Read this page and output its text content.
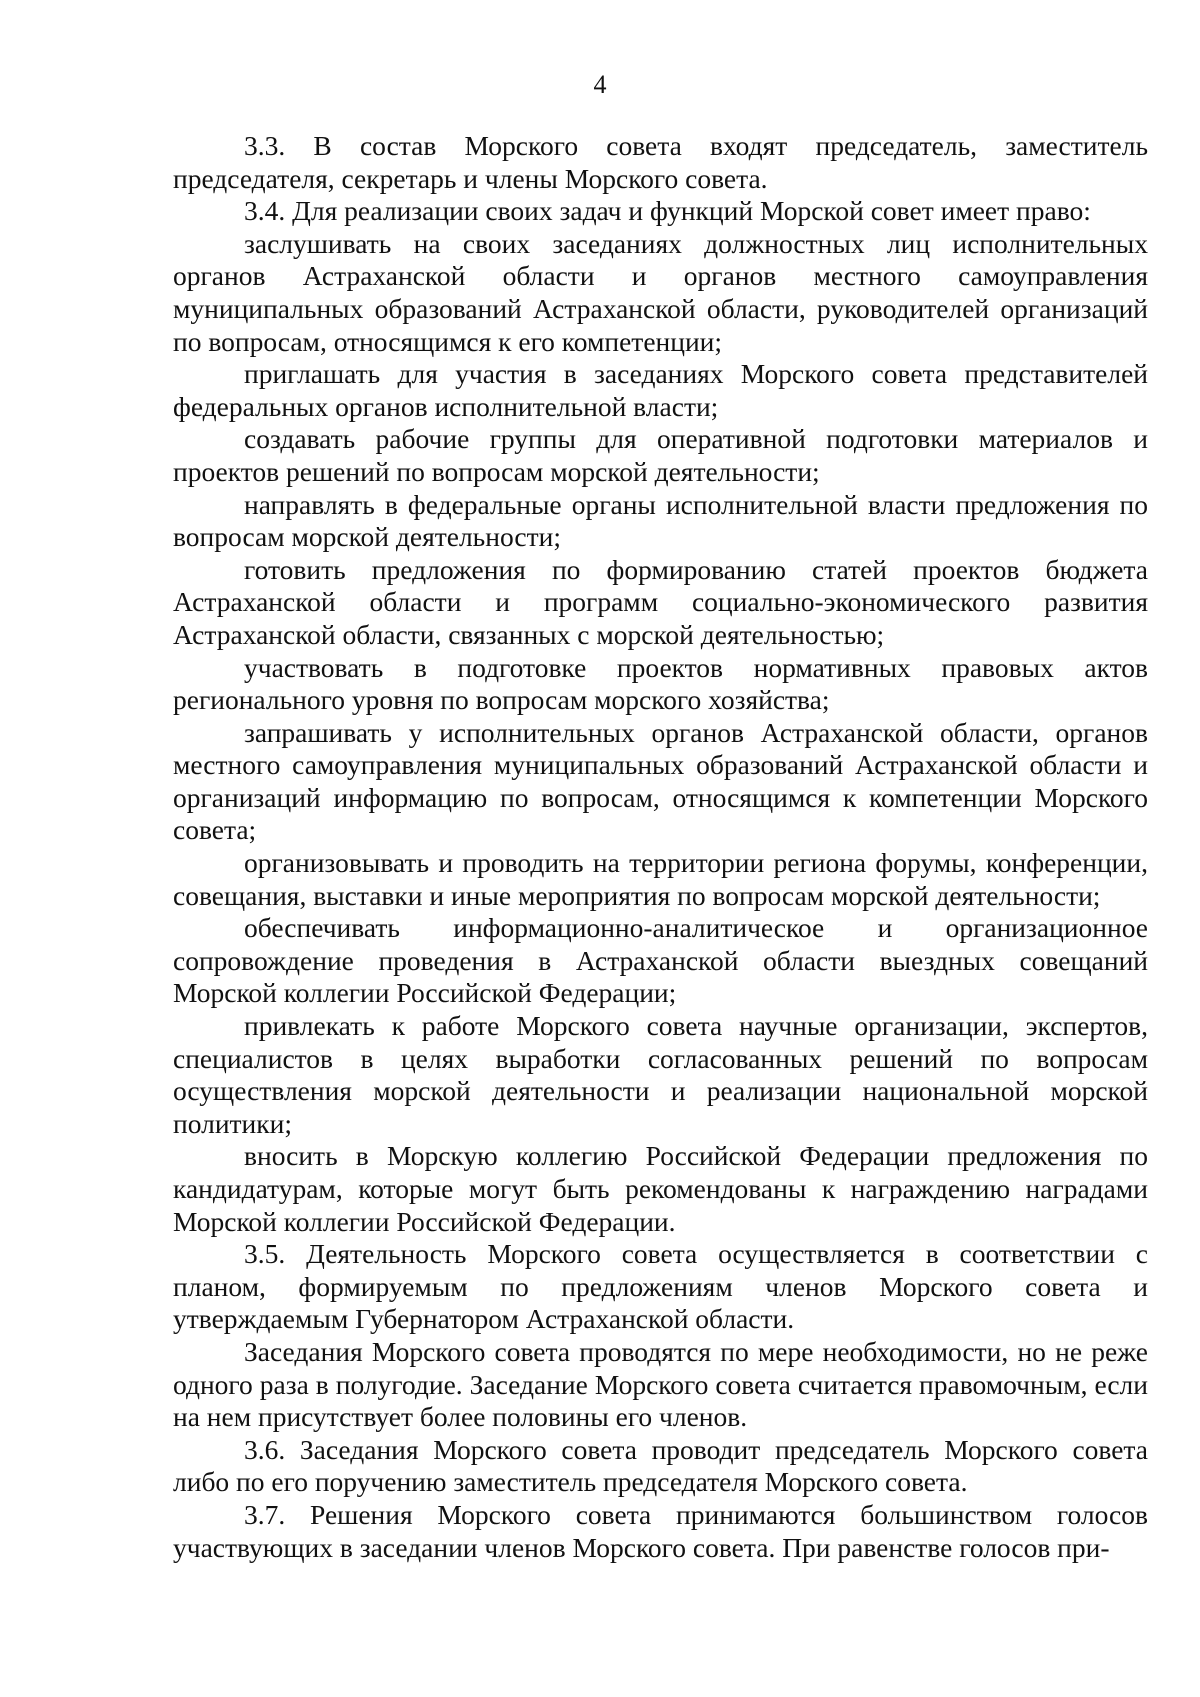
4

3.3. В состав Морского совета входят председатель, заместитель председателя, секретарь и члены Морского совета.

3.4. Для реализации своих задач и функций Морской совет имеет право:

заслушивать на своих заседаниях должностных лиц исполнительных органов Астраханской области и органов местного самоуправления муниципальных образований Астраханской области, руководителей организаций по вопросам, относящимся к его компетенции;

приглашать для участия в заседаниях Морского совета представителей федеральных органов исполнительной власти;

создавать рабочие группы для оперативной подготовки материалов и проектов решений по вопросам морской деятельности;

направлять в федеральные органы исполнительной власти предложения по вопросам морской деятельности;

готовить предложения по формированию статей проектов бюджета Астраханской области и программ социально-экономического развития Астраханской области, связанных с морской деятельностью;

участвовать в подготовке проектов нормативных правовых актов регионального уровня по вопросам морского хозяйства;

запрашивать у исполнительных органов Астраханской области, органов местного самоуправления муниципальных образований Астраханской области и организаций информацию по вопросам, относящимся к компетенции Морского совета;

организовывать и проводить на территории региона форумы, конференции, совещания, выставки и иные мероприятия по вопросам морской деятельности;

обеспечивать информационно-аналитическое и организационное сопровождение проведения в Астраханской области выездных совещаний Морской коллегии Российской Федерации;

привлекать к работе Морского совета научные организации, экспертов, специалистов в целях выработки согласованных решений по вопросам осуществления морской деятельности и реализации национальной морской политики;

вносить в Морскую коллегию Российской Федерации предложения по кандидатурам, которые могут быть рекомендованы к награждению наградами Морской коллегии Российской Федерации.

3.5. Деятельность Морского совета осуществляется в соответствии с планом, формируемым по предложениям членов Морского совета и утверждаемым Губернатором Астраханской области.

Заседания Морского совета проводятся по мере необходимости, но не реже одного раза в полугодие. Заседание Морского совета считается правомочным, если на нем присутствует более половины его членов.

3.6. Заседания Морского совета проводит председатель Морского совета либо по его поручению заместитель председателя Морского совета.

3.7. Решения Морского совета принимаются большинством голосов участвующих в заседании членов Морского совета. При равенстве голосов при-
